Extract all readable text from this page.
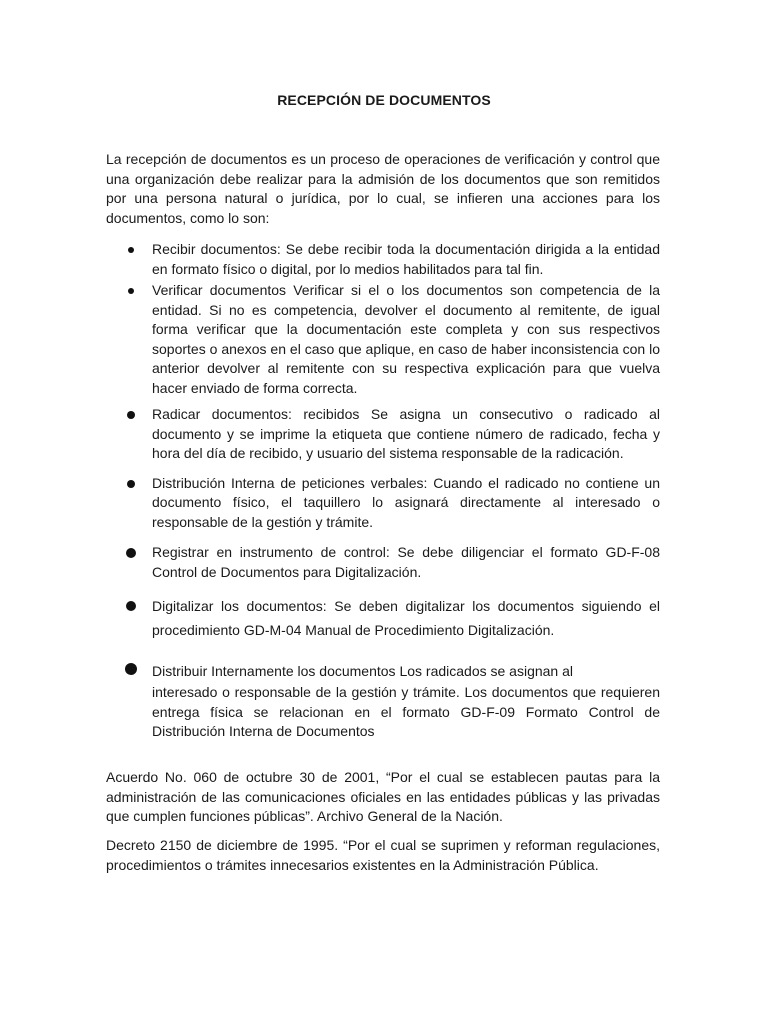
RECEPCIÓN DE DOCUMENTOS

La recepción de documentos es un proceso de operaciones de verificación y control que una organización debe realizar para la admisión de los documentos que son remitidos por una persona natural o jurídica, por lo cual, se infieren una acciones para los documentos, como lo son:

Recibir documentos: Se debe recibir toda la documentación dirigida a la entidad en formato físico o digital, por lo medios habilitados para tal fin.
Verificar documentos Verificar si el o los documentos son competencia de la entidad. Si no es competencia, devolver el documento al remitente, de igual forma verificar que la documentación este completa y con sus respectivos soportes o anexos en el caso que aplique, en caso de haber inconsistencia con lo anterior devolver al remitente con su respectiva explicación para que vuelva hacer enviado de forma correcta.
Radicar documentos: recibidos Se asigna un consecutivo o radicado al documento y se imprime la etiqueta que contiene número de radicado, fecha y hora del día de recibido, y usuario del sistema responsable de la radicación.
Distribución Interna de peticiones verbales: Cuando el radicado no contiene un documento físico, el taquillero lo asignará directamente al interesado o responsable de la gestión y trámite.
Registrar en instrumento de control: Se debe diligenciar el formato GD-F-08 Control de Documentos para Digitalización.
Digitalizar los documentos: Se deben digitalizar los documentos siguiendo el procedimiento GD-M-04 Manual de Procedimiento Digitalización.
Distribuir Internamente los documentos Los radicados se asignan al
interesado o responsable de la gestión y trámite. Los documentos que requieren entrega física se relacionan en el formato GD-F-09 Formato Control de Distribución Interna de Documentos

Acuerdo No. 060 de octubre 30 de 2001, “Por el cual se establecen pautas para la administración de las comunicaciones oficiales en las entidades públicas y las privadas que cumplen funciones públicas”. Archivo General de la Nación.

Decreto 2150 de diciembre de 1995. “Por el cual se suprimen y reforman regulaciones, procedimientos o trámites innecesarios existentes en la Administración Pública.
